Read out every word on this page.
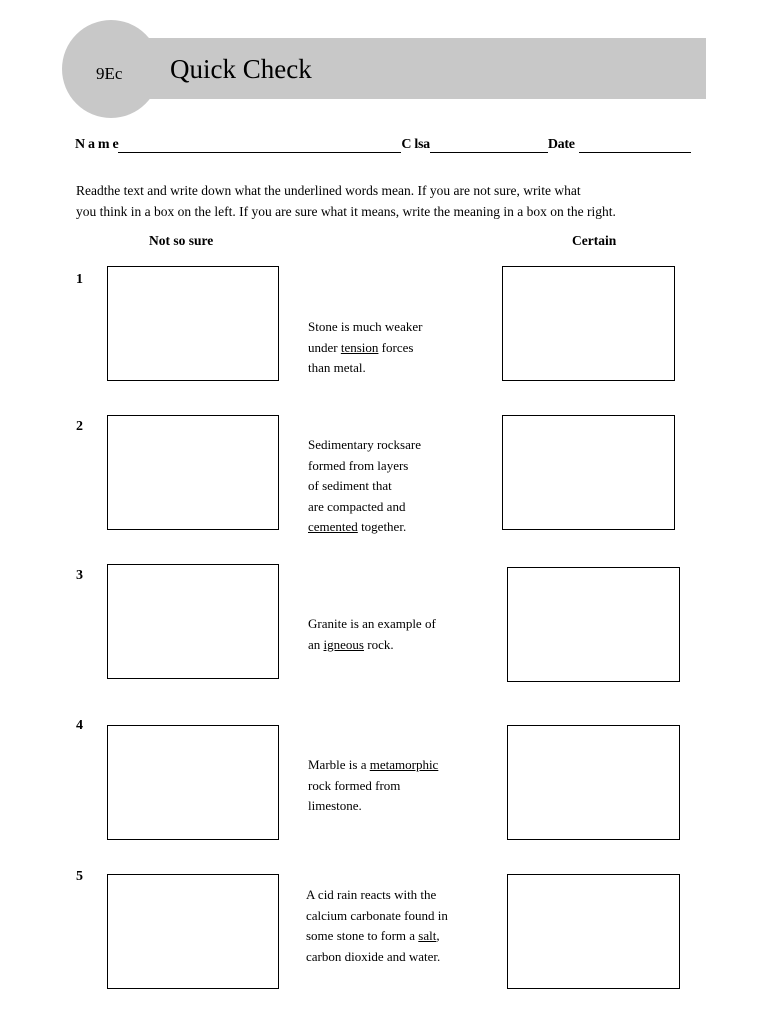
9Ec Quick Check
N a m e	C lsa	Date

Readthe text and write down what the underlined words mean. If you are not sure, write what

you think in a box on the left. If you are sure what it means, write the meaning in a box on the right.

Not so sure	Certain
1
Stone is much weaker
under tension forces
than metal.
2
Sedimentary rocksare
formed from layers
of sediment that
are compacted and
cemented together.
3
Granite is an example of
an igneous rock.
4
Marble is a metamorphic
rock formed from
limestone.
5
A cid rain reacts with the
calcium carbonate found in
some stone to form a salt,
carbon dioxide and water.
